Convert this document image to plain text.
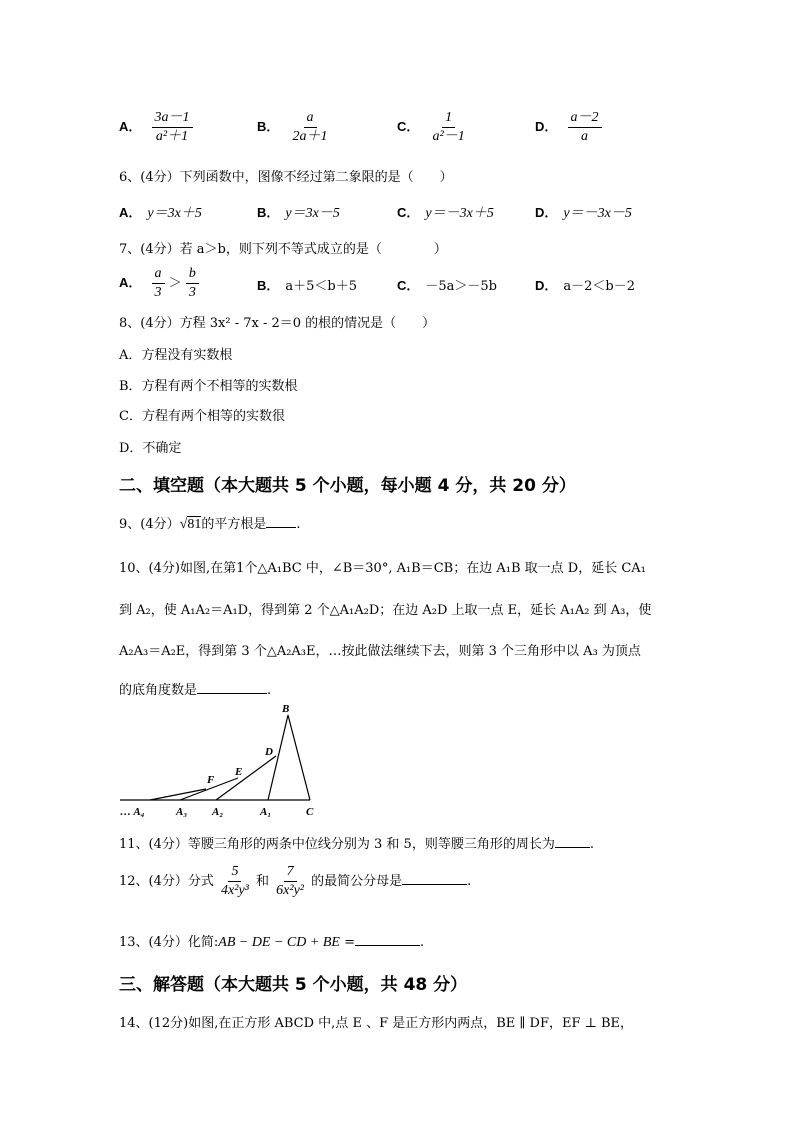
A． $\frac{3a-1}{\text{a²＋1}}$	B． $\frac{a}{2a+1}$	C． $\frac{1}{\text{a²－1}}$	D． $\frac{a-2}{a}$
6、(4分）下列函数中，图像不经过第二象限的是（　　）
A． y＝3x＋5	B． y＝3x－5	C． y＝－3x＋5	D． y＝－3x－5
7、(4分）若 a＞b，则下列不等式成立的是（　　　　）
A． $\frac{a}{3} > \frac{b}{3}$	B． a＋5＜b＋5	C． －5a＞－5b	D． a－2＜b－2
8、(4分）方程 3x² - 7x - 2＝0 的根的情况是（　　）
A．方程没有实数根
B．方程有两个不相等的实数根
C．方程有两个相等的实数很
D．不确定
二、填空题（本大题共 5 个小题，每小题 4 分，共 20 分）
9、(4分）√81的平方根是 .
10、(4分)如图,在第1个△A₁BC 中，∠B＝30°, A₁B＝CB；在边 A₁B 取一点 D，延长 CA₁
到 A₂，使 A₁A₂＝A₁D，得到第 2 个△A₁A₂D；在边 A₂D 上取一点 E，延长 A₁A₂ 到 A₃，使
A₂A₃＝A₂E，得到第 3 个△A₂A₃E，…按此做法继续下去，则第 3 个三角形中以 A₃ 为顶点
的底角度数是	.
B
D
E
F
… A₄	A₃ A₂	A₁	C
11、(4分）等腰三角形的两条中位线分别为 3 和 5，则等腰三角形的周长为	.
12、(4分）分式 $\frac{5}{\text{4x²y³}}$ 和 $\frac{7}{\text{6x²y²}}$ 的最简公分母是	.
13、(4分）化简:AB − DE − CD + BE =	.
三、解答题（本大题共 5 个小题，共 48 分）
14、(12分)如图,在正方形 ABCD 中,点 E 、F 是正方形内两点，BE ∥ DF，EF ⊥ BE，
